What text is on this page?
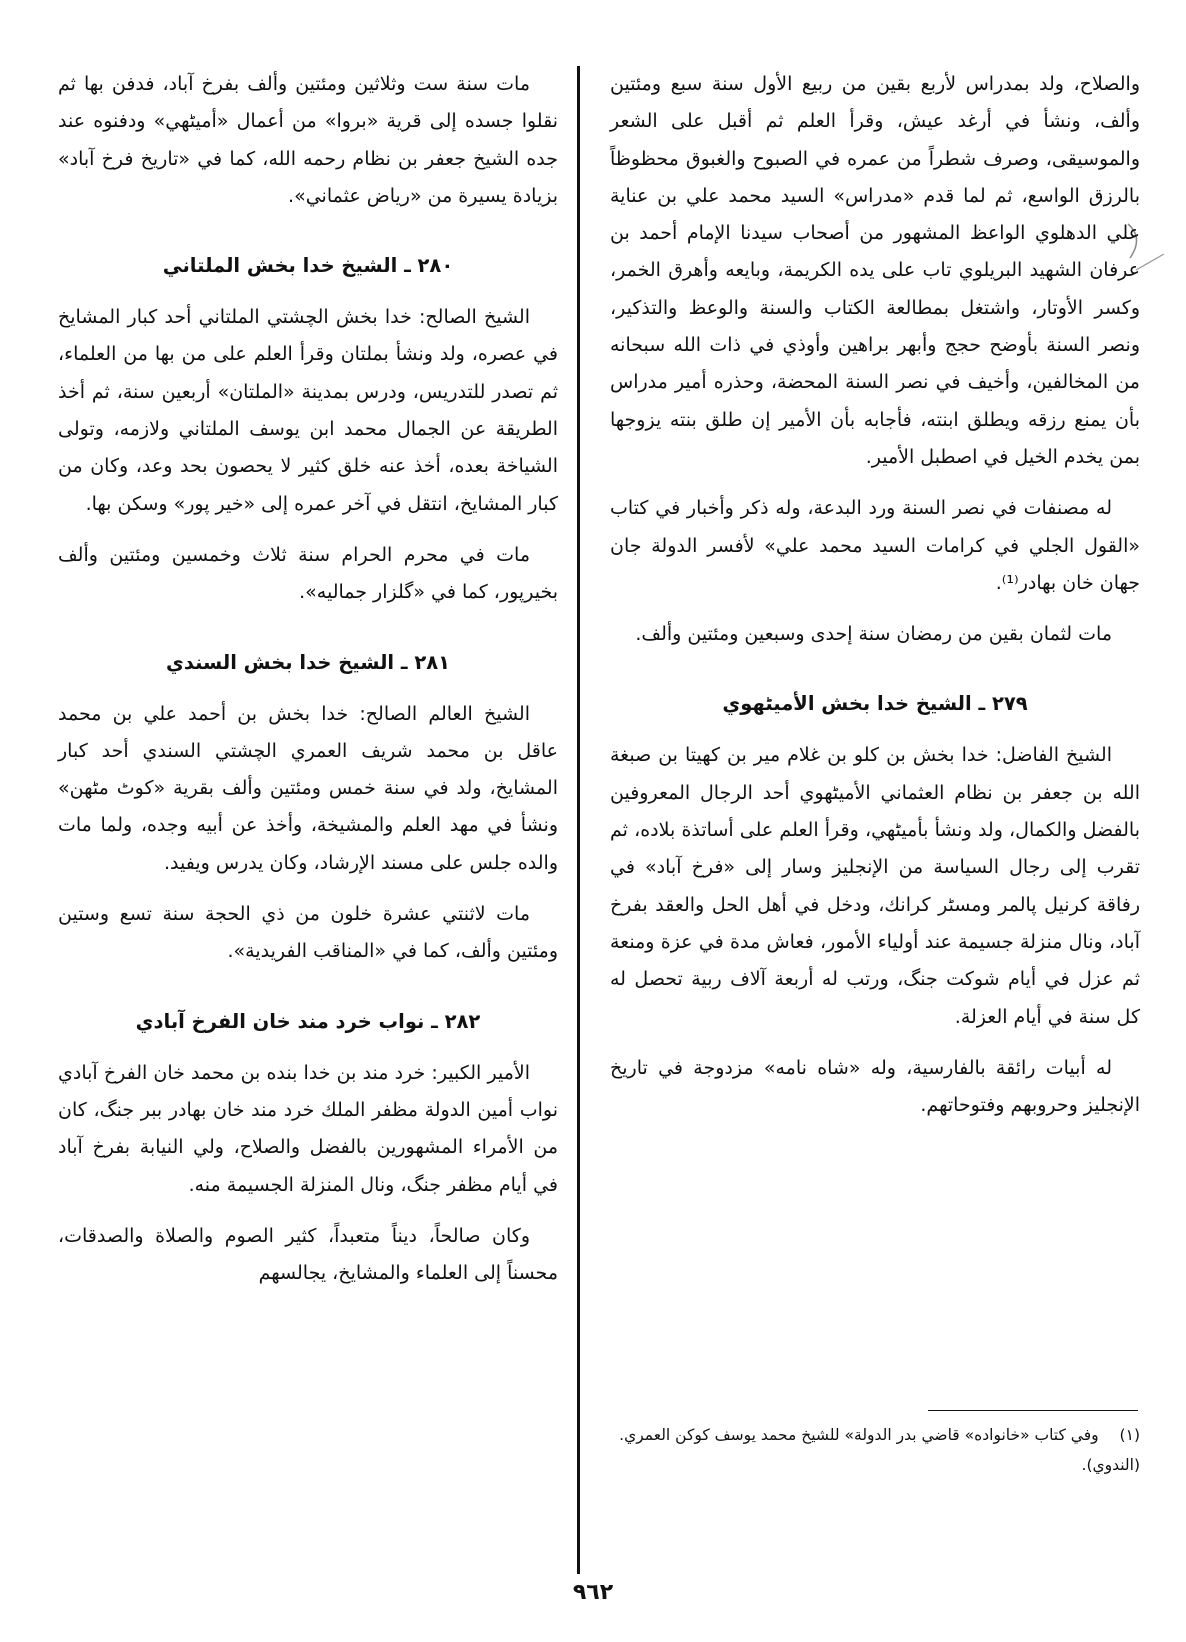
والصلاح، ولد بمدراس لأربع بقين من ربيع الأول سنة سبع ومئتين وألف، ونشأ في أرغد عيش، وقرأ العلم ثم أقبل على الشعر والموسيقى، وصرف شطراً من عمره في الصبوح والغبوق محظوظاً بالرزق الواسع، ثم لما قدم «مدراس» السيد محمد علي بن عناية علي الدهلوي الواعظ المشهور من أصحاب سيدنا الإمام أحمد بن عرفان الشهيد البريلوي تاب على يده الكريمة، وبايعه وأهرق الخمر، وكسر الأوتار، واشتغل بمطالعة الكتاب والسنة والوعظ والتذكير، ونصر السنة بأوضح حجج وأبهر براهين وأوذي في ذات الله سبحانه من المخالفين، وأخيف في نصر السنة المحضة، وحذره أمير مدراس بأن يمنع رزقه ويطلق ابنته، فأجابه بأن الأمير إن طلق بنته يزوجها بمن يخدم الخيل في اصطبل الأمير.

له مصنفات في نصر السنة ورد البدعة، وله ذكر وأخبار في كتاب «القول الجلي في كرامات السيد محمد علي» لأفسر الدولة جان جهان خان بهادر⁽¹⁾.

مات لثمان بقين من رمضان سنة إحدى وسبعين ومئتين وألف.

٢٧٩ ـ الشيخ خدا بخش الأميٹهوي

الشيخ الفاضل: خدا بخش بن كلو بن غلام مير بن كهيتا بن صبغة الله بن جعفر بن نظام العثماني الأميٹهوي أحد الرجال المعروفين بالفضل والكمال، ولد ونشأ بأميٹهي، وقرأ العلم على أساتذة بلاده، ثم تقرب إلى رجال السياسة من الإنجليز وسار إلى «فرخ آباد» في رفاقة كرنيل پالمر ومسٹر كرانك، ودخل في أهل الحل والعقد بفرخ آباد، ونال منزلة جسيمة عند أولياء الأمور، فعاش مدة في عزة ومنعة ثم عزل في أيام شوكت جنگ، ورتب له أربعة آلاف ربية تحصل له كل سنة في أيام العزلة.

له أبيات رائقة بالفارسية، وله «شاه نامه» مزدوجة في تاريخ الإنجليز وحروبهم وفتوحاتهم.

مات سنة ست وثلاثين ومئتين وألف بفرخ آباد، فدفن بها ثم نقلوا جسده إلى قرية «بروا» من أعمال «أميٹهي» ودفنوه عند جده الشيخ جعفر بن نظام رحمه الله، كما في «تاريخ فرخ آباد» بزيادة يسيرة من «رياض عثماني».

٢٨٠ ـ الشيخ خدا بخش الملتاني

الشيخ الصالح: خدا بخش الچشتي الملتاني أحد كبار المشايخ في عصره، ولد ونشأ بملتان وقرأ العلم على من بها من العلماء، ثم تصدر للتدريس، ودرس بمدينة «الملتان» أربعين سنة، ثم أخذ الطريقة عن الجمال محمد ابن يوسف الملتاني ولازمه، وتولى الشياخة بعده، أخذ عنه خلق كثير لا يحصون بحد وعد، وكان من كبار المشايخ، انتقل في آخر عمره إلى «خير پور» وسكن بها.

مات في محرم الحرام سنة ثلاث وخمسين ومئتين وألف بخيرپور، كما في «گلزار جماليه».

٢٨١ ـ الشيخ خدا بخش السندي

الشيخ العالم الصالح: خدا بخش بن أحمد علي بن محمد عاقل بن محمد شريف العمري الچشتي السندي أحد كبار المشايخ، ولد في سنة خمس ومئتين وألف بقرية «كوٹ مٹهن» ونشأ في مهد العلم والمشيخة، وأخذ عن أبيه وجده، ولما مات والده جلس على مسند الإرشاد، وكان يدرس ويفيد.

مات لاثنتي عشرة خلون من ذي الحجة سنة تسع وستين ومئتين وألف، كما في «المناقب الفريدية».

٢٨٢ ـ نواب خرد مند خان الفرخ آبادي

الأمير الكبير: خرد مند بن خدا بنده بن محمد خان الفرخ آبادي نواب أمين الدولة مظفر الملك خرد مند خان بهادر ببر جنگ، كان من الأمراء المشهورين بالفضل والصلاح، ولي النيابة بفرخ آباد في أيام مظفر جنگ، ونال المنزلة الجسيمة منه.

وكان صالحاً، ديناً متعبداً، كثير الصوم والصلاة والصدقات، محسناً إلى العلماء والمشايخ، يجالسهم

(١) وفي كتاب «خانواده» قاضي بدر الدولة» للشيخ محمد يوسف كوكن العمري. (الندوي).
٩٦٢
